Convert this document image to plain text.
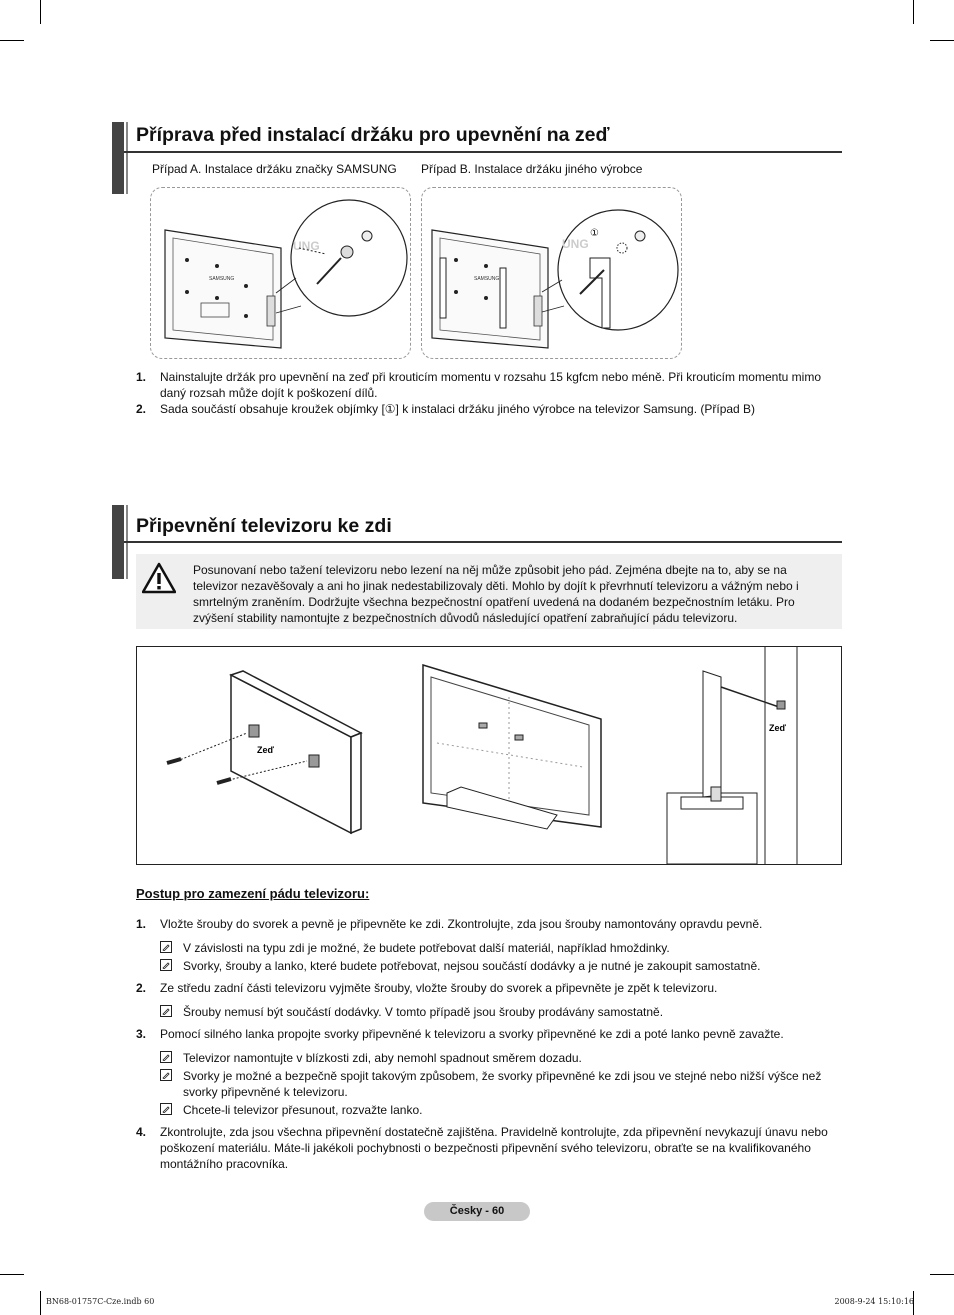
Příprava před instalací držáku pro upevnění na zeď
Případ A. Instalace držáku značky SAMSUNG Případ B. Instalace držáku jiného výrobce
SAMSUNG
UNG
SAMSUNG
UNG
①
1. Nainstalujte držák pro upevnění na zeď při krouticím momentu v rozsahu 15 kgfcm nebo méně. Při krouticím momentu mimo daný rozsah může dojít k poškození dílů.
2. Sada součástí obsahuje kroužek objímky [①] k instalaci držáku jiného výrobce na televizor Samsung. (Případ B)
Připevnění televizoru ke zdi
Posunovaní nebo tažení televizoru nebo lezení na něj může způsobit jeho pád. Zejména dbejte na to, aby se na televizor nezavěšovaly a ani ho jinak nedestabilizovaly děti. Mohlo by dojít k převrhnutí televizoru a vážným nebo i smrtelným zraněním. Dodržujte všechna bezpečnostní opatření uvedená na dodaném bezpečnostním letáku. Pro zvýšení stability namontujte z bezpečnostních důvodů následující opatření zabraňující pádu televizoru.
Zeď
Zeď
Postup pro zamezení pádu televizoru:
1. Vložte šrouby do svorek a pevně je připevněte ke zdi. Zkontrolujte, zda jsou šrouby namontovány opravdu pevně.
V závislosti na typu zdi je možné, že budete potřebovat další materiál, například hmoždinky.
Svorky, šrouby a lanko, které budete potřebovat, nejsou součástí dodávky a je nutné je zakoupit samostatně.
2. Ze středu zadní části televizoru vyjměte šrouby, vložte šrouby do svorek a připevněte je zpět k televizoru.
Šrouby nemusí být součástí dodávky. V tomto případě jsou šrouby prodávány samostatně.
3. Pomocí silného lanka propojte svorky připevněné k televizoru a svorky připevněné ke zdi a poté lanko pevně zavažte.
Televizor namontujte v blízkosti zdi, aby nemohl spadnout směrem dozadu.
Svorky je možné a bezpečně spojit takovým způsobem, že svorky připevněné ke zdi jsou ve stejné nebo nižší výšce než svorky připevněné k televizoru.
Chcete-li televizor přesunout, rozvažte lanko.
4. Zkontrolujte, zda jsou všechna připevnění dostatečně zajištěna. Pravidelně kontrolujte, zda připevnění nevykazují únavu nebo poškození materiálu. Máte-li jakékoli pochybnosti o bezpečnosti připevnění svého televizoru, obraťte se na kvalifikovaného montážního pracovníka.
Česky - 60
BN68-01757C-Cze.indb 60	2008-9-24 15:10:16
